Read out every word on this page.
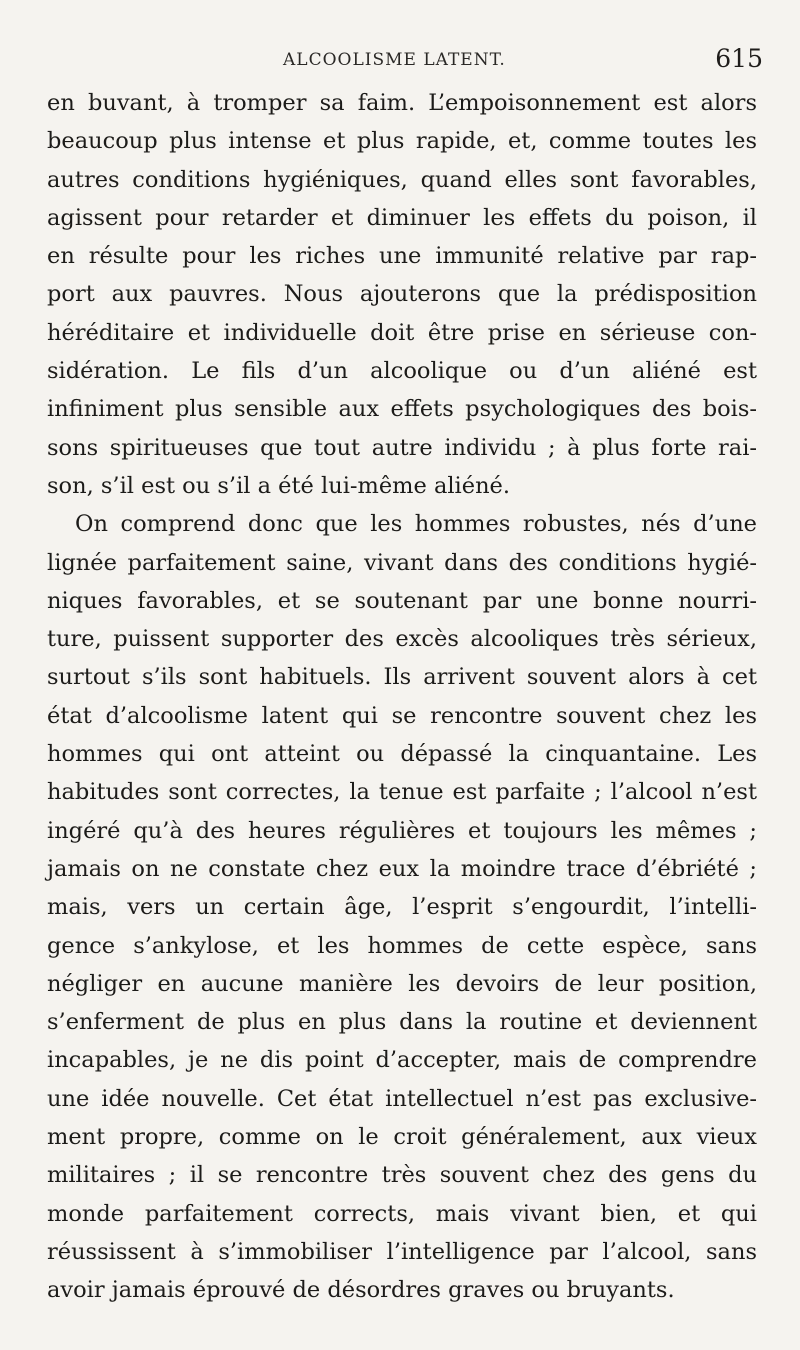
ALCOOLISME LATENT.	615
en buvant, à tromper sa faim. L’empoisonnement est alors
beaucoup plus intense et plus rapide, et, comme toutes les
autres conditions hygiéniques, quand elles sont favorables,
agissent pour retarder et diminuer les effets du poison, il
en résulte pour les riches une immunité relative par rap-
port aux pauvres. Nous ajouterons que la prédisposition
héréditaire et individuelle doit être prise en sérieuse con-
sidération. Le fils d’un alcoolique ou d’un aliéné est
infiniment plus sensible aux effets psychologiques des bois-
sons spiritueuses que tout autre individu ; à plus forte rai-
son, s’il est ou s’il a été lui-même aliéné.
On comprend donc que les hommes robustes, nés d’une
lignée parfaitement saine, vivant dans des conditions hygié-
niques favorables, et se soutenant par une bonne nourri-
ture, puissent supporter des excès alcooliques très sérieux,
surtout s’ils sont habituels. Ils arrivent souvent alors à cet
état d’alcoolisme latent qui se rencontre souvent chez les
hommes qui ont atteint ou dépassé la cinquantaine. Les
habitudes sont correctes, la tenue est parfaite ; l’alcool n’est
ingéré qu’à des heures régulières et toujours les mêmes ;
jamais on ne constate chez eux la moindre trace d’ébriété ;
mais, vers un certain âge, l’esprit s’engourdit, l’intelli-
gence s’ankylose, et les hommes de cette espèce, sans
négliger en aucune manière les devoirs de leur position,
s’enferment de plus en plus dans la routine et deviennent
incapables, je ne dis point d’accepter, mais de comprendre
une idée nouvelle. Cet état intellectuel n’est pas exclusive-
ment propre, comme on le croit généralement, aux vieux
militaires ; il se rencontre très souvent chez des gens du
monde parfaitement corrects, mais vivant bien, et qui
réussissent à s’immobiliser l’intelligence par l’alcool, sans
avoir jamais éprouvé de désordres graves ou bruyants.
